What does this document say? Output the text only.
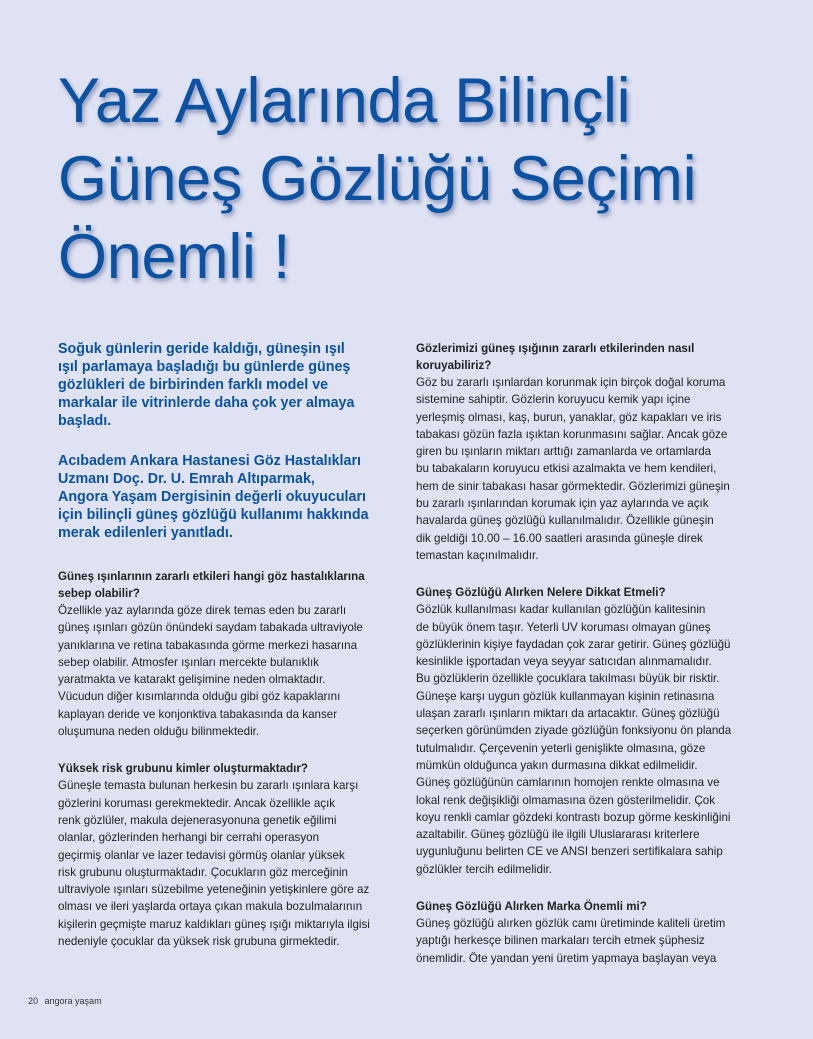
Yaz Aylarında Bilinçli
Güneş Gözlüğü Seçimi
Önemli !

Soğuk günlerin geride kaldığı, güneşin ışıl
ışıl parlamaya başladığı bu günlerde güneş
gözlükleri de birbirinden farklı model ve
markalar ile vitrinlerde daha çok yer almaya
başladı.

Acıbadem Ankara Hastanesi Göz Hastalıkları
Uzmanı Doç. Dr. U. Emrah Altıparmak,
Angora Yaşam Dergisinin değerli okuyucuları
için bilinçli güneş gözlüğü kullanımı hakkında
merak edilenleri yanıtladı.

Güneş ışınlarının zararlı etkileri hangi göz hastalıklarına
sebep olabilir?

Özellikle yaz aylarında göze direk temas eden bu zararlı
güneş ışınları gözün önündeki saydam tabakada ultraviyole
yanıklarına ve retina tabakasında görme merkezi hasarına
sebep olabilir. Atmosfer ışınları mercekte bulanıklık
yaratmakta ve katarakt gelişimine neden olmaktadır.
Vücudun diğer kısımlarında olduğu gibi göz kapaklarını
kaplayan deride ve konjonktiva tabakasında da kanser
oluşumuna neden olduğu bilinmektedir.

Yüksek risk grubunu kimler oluşturmaktadır?

Güneşle temasta bulunan herkesin bu zararlı ışınlara karşı
gözlerini koruması gerekmektedir. Ancak özellikle açık
renk gözlüler, makula dejenerasyonuna genetik eğilimi
olanlar, gözlerinden herhangi bir cerrahi operasyon
geçirmiş olanlar ve lazer tedavisi görmüş olanlar yüksek
risk grubunu oluşturmaktadır. Çocukların göz merceğinin
ultraviyole ışınları süzebilme yeteneğinin yetişkinlere göre az
olması ve ileri yaşlarda ortaya çıkan makula bozulmalarının
kişilerin geçmişte maruz kaldıkları güneş ışığı miktarıyla ilgisi
nedeniyle çocuklar da yüksek risk grubuna girmektedir.

Gözlerimizi güneş ışığının zararlı etkilerinden nasıl
koruyabiliriz?

Göz bu zararlı ışınlardan korunmak için birçok doğal koruma
sistemine sahiptir. Gözlerin koruyucu kemik yapı içine
yerleşmiş olması, kaş, burun, yanaklar, göz kapakları ve iris
tabakası gözün fazla ışıktan korunmasını sağlar. Ancak göze
giren bu ışınların miktarı arttığı zamanlarda ve ortamlarda
bu tabakaların koruyucu etkisi azalmakta ve hem kendileri,
hem de sinir tabakası hasar görmektedir. Gözlerimizi güneşin
bu zararlı ışınlarından korumak için yaz aylarında ve açık
havalarda güneş gözlüğü kullanılmalıdır. Özellikle güneşin
dik geldiği 10.00 – 16.00 saatleri arasında güneşle direk
temastan kaçınılmalıdır.

Güneş Gözlüğü Alırken Nelere Dikkat Etmeli?

Gözlük kullanılması kadar kullanılan gözlüğün kalitesinin
de büyük önem taşır. Yeterli UV koruması olmayan güneş
gözlüklerinin kişiye faydadan çok zarar getirir. Güneş gözlüğü
kesinlikle işportadan veya seyyar satıcıdan alınmamalıdır.
Bu gözlüklerin özellikle çocuklara takılması büyük bir risktir.
Güneşe karşı uygun gözlük kullanmayan kişinin retinasına
ulaşan zararlı ışınların miktarı da artacaktır. Güneş gözlüğü
seçerken görünümden ziyade gözlüğün fonksiyonu ön planda
tutulmalıdır. Çerçevenin yeterli genişlikte olmasına, göze
mümkün olduğunca yakın durmasına dikkat edilmelidir.
Güneş gözlüğünün camlarının homojen renkte olmasına ve
lokal renk değişikliği olmamasına özen gösterilmelidir. Çok
koyu renkli camlar gözdeki kontrastı bozup görme keskinliğini
azaltabilir. Güneş gözlüğü ile ilgili Uluslararası kriterlere
uygunluğunu belirten CE ve ANSI benzeri sertifikalara sahip
gözlükler tercih edilmelidir.

Güneş Gözlüğü Alırken Marka Önemli mi?

Güneş gözlüğü alırken gözlük camı üretiminde kaliteli üretim
yaptığı herkesçe bilinen markaları tercih etmek şüphesiz
önemlidir. Öte yandan yeni üretim yapmaya başlayan veya

20 angora yaşam
